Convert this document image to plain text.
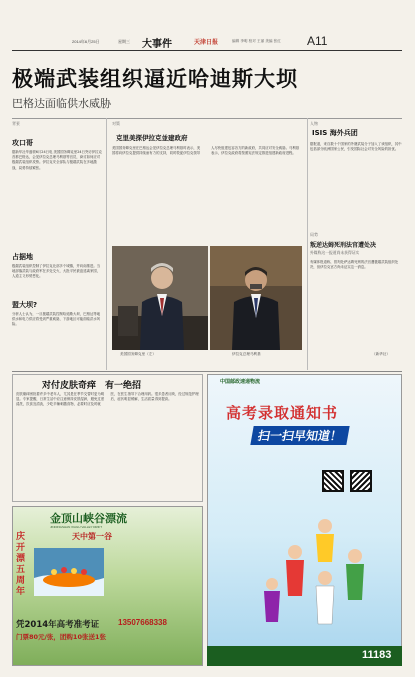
2014年6月25日	星期三 大事件	天津日报	编辑 李明 校对 王丽 美编 张红 A11
极端武装组织逼近哈迪斯大坝
巴格达面临供水威胁
背景
攻口哥
据新华社华盛顿6月24日电 美国国务卿克里24日突访伊拉克首都巴格达，会见伊拉克总理马利基等官员，商讨如何应对极端武装组织攻势。伊拉克安全部队与极端武装在多地激战，局势持续紧张。
占据地
极端武装组织控制了伊拉克北部多个城镇，并向南推进。当地部落武装与政府军在多处交火，大批平民被迫逃离家园，人道主义形势恶化。
盟大坝?
分析人士认为，一旦极端武装控制哈迪斯大坝，巴格达等地供水和电力供应将受到严重威胁，下游地区可能面临洪水风险。
对策
克里美探伊拉克並建政府
美国国务卿克里在巴格达会见伊拉克总理马利基时表示，美国将向伊拉克提供持续而有力的支持，同时敦促伊拉克领导人尽快组建包容各方的新政府，共同应对安全威胁。马利基表示，伊拉克政府将按照宪法规定推进组建新政府进程。
美国国务卿克里（左）	伊拉克总理马利基
人物
ISIS 海外兵团
据报道，来自数十个国家的外籍武装分子加入了该组织，其中包括部分欧洲国家公民，引发国际社会对安全风险的担忧。
局势
叛逆达姆死刑法官遭处决
外媒称这一报道尚未获得证实
有媒体报道称，曾判处萨达姆死刑的法官遭极端武装组织处决，但伊拉克官方尚未证实这一消息。
（新华社）
对付皮肤奇痒　有一绝招
皮肤瘙痒困扰着许多中老年人，尤其是在季节交替时更为明显。专家提醒，日常生活中应注意保持皮肤湿润，避免过度清洗，饮食宜清淡，少吃辛辣刺激食物，必要时应及时就医，在医生指导下合理用药。很多患者反映，经过规范护理后，症状明显缓解，生活质量得到提高。
金顶山峡谷漂流
JINDINGSHAN XIAGU VALLEY DRIFT
天中第一谷
庆开漂五周年
凭2014年高考准考证
门票80元/张，团购10张送1张
13507668338
中国邮政速递物流
高考录取通知书
扫一扫早知道！
11183
